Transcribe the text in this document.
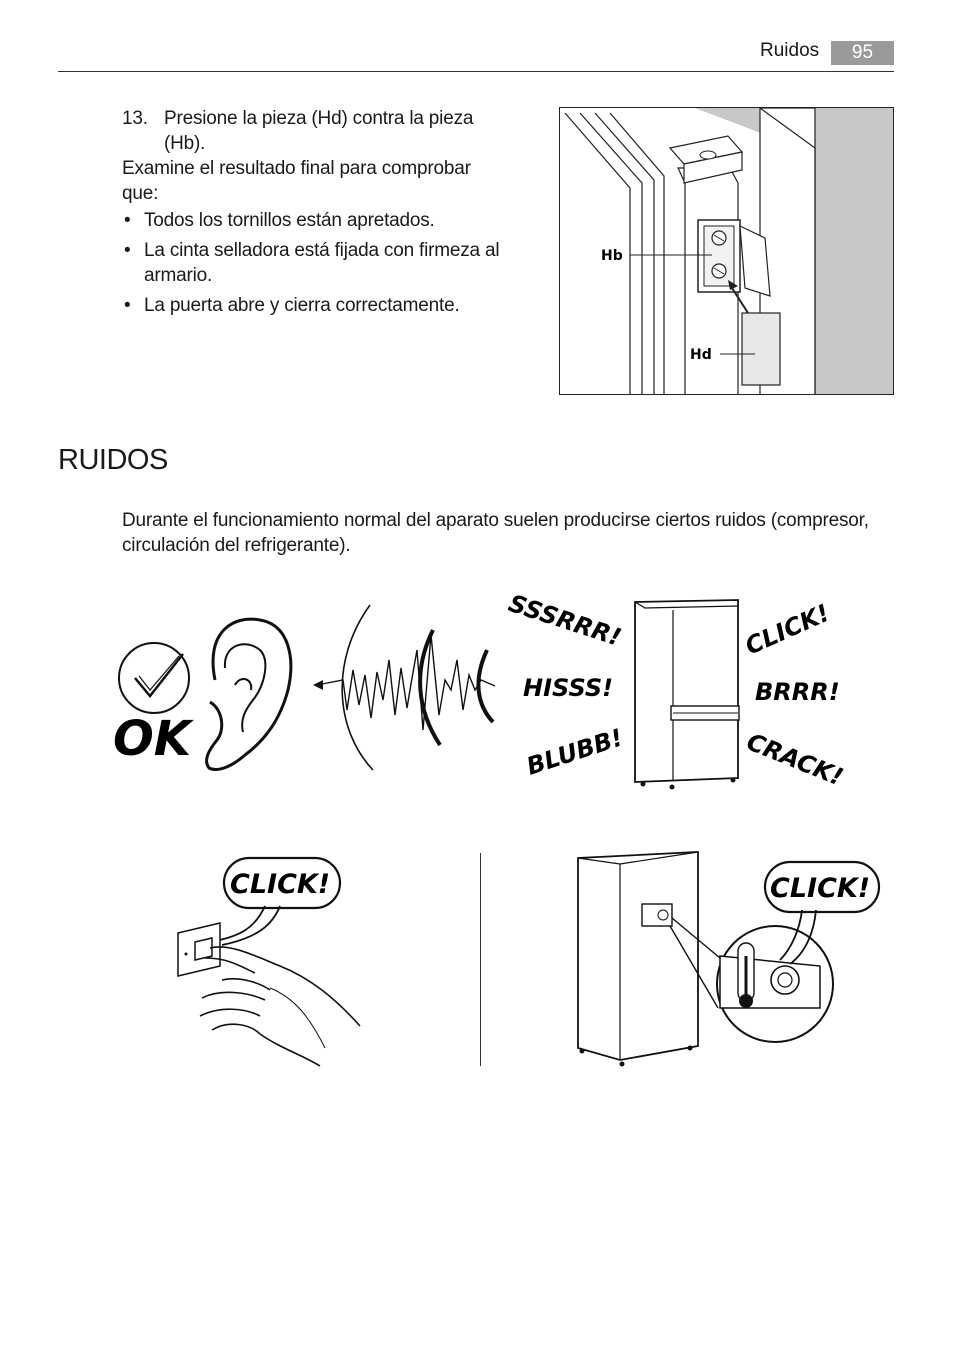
Ruidos	95
13. Presione la pieza (Hd) contra la pieza (Hb).
Examine el resultado final para comprobar que:
• Todos los tornillos están apretados.
• La cinta selladora está fijada con firmeza al armario.
• La puerta abre y cierra correctamente.
Hb
Hd
RUIDOS
Durante el funcionamiento normal del aparato suelen producirse ciertos ruidos (compresor, circulación del refrigerante).
OK
SSSRRR!
HISSS!
BLUBB!
CLICK!
BRRR!
CRACK!
CLICK!	CLICK!
